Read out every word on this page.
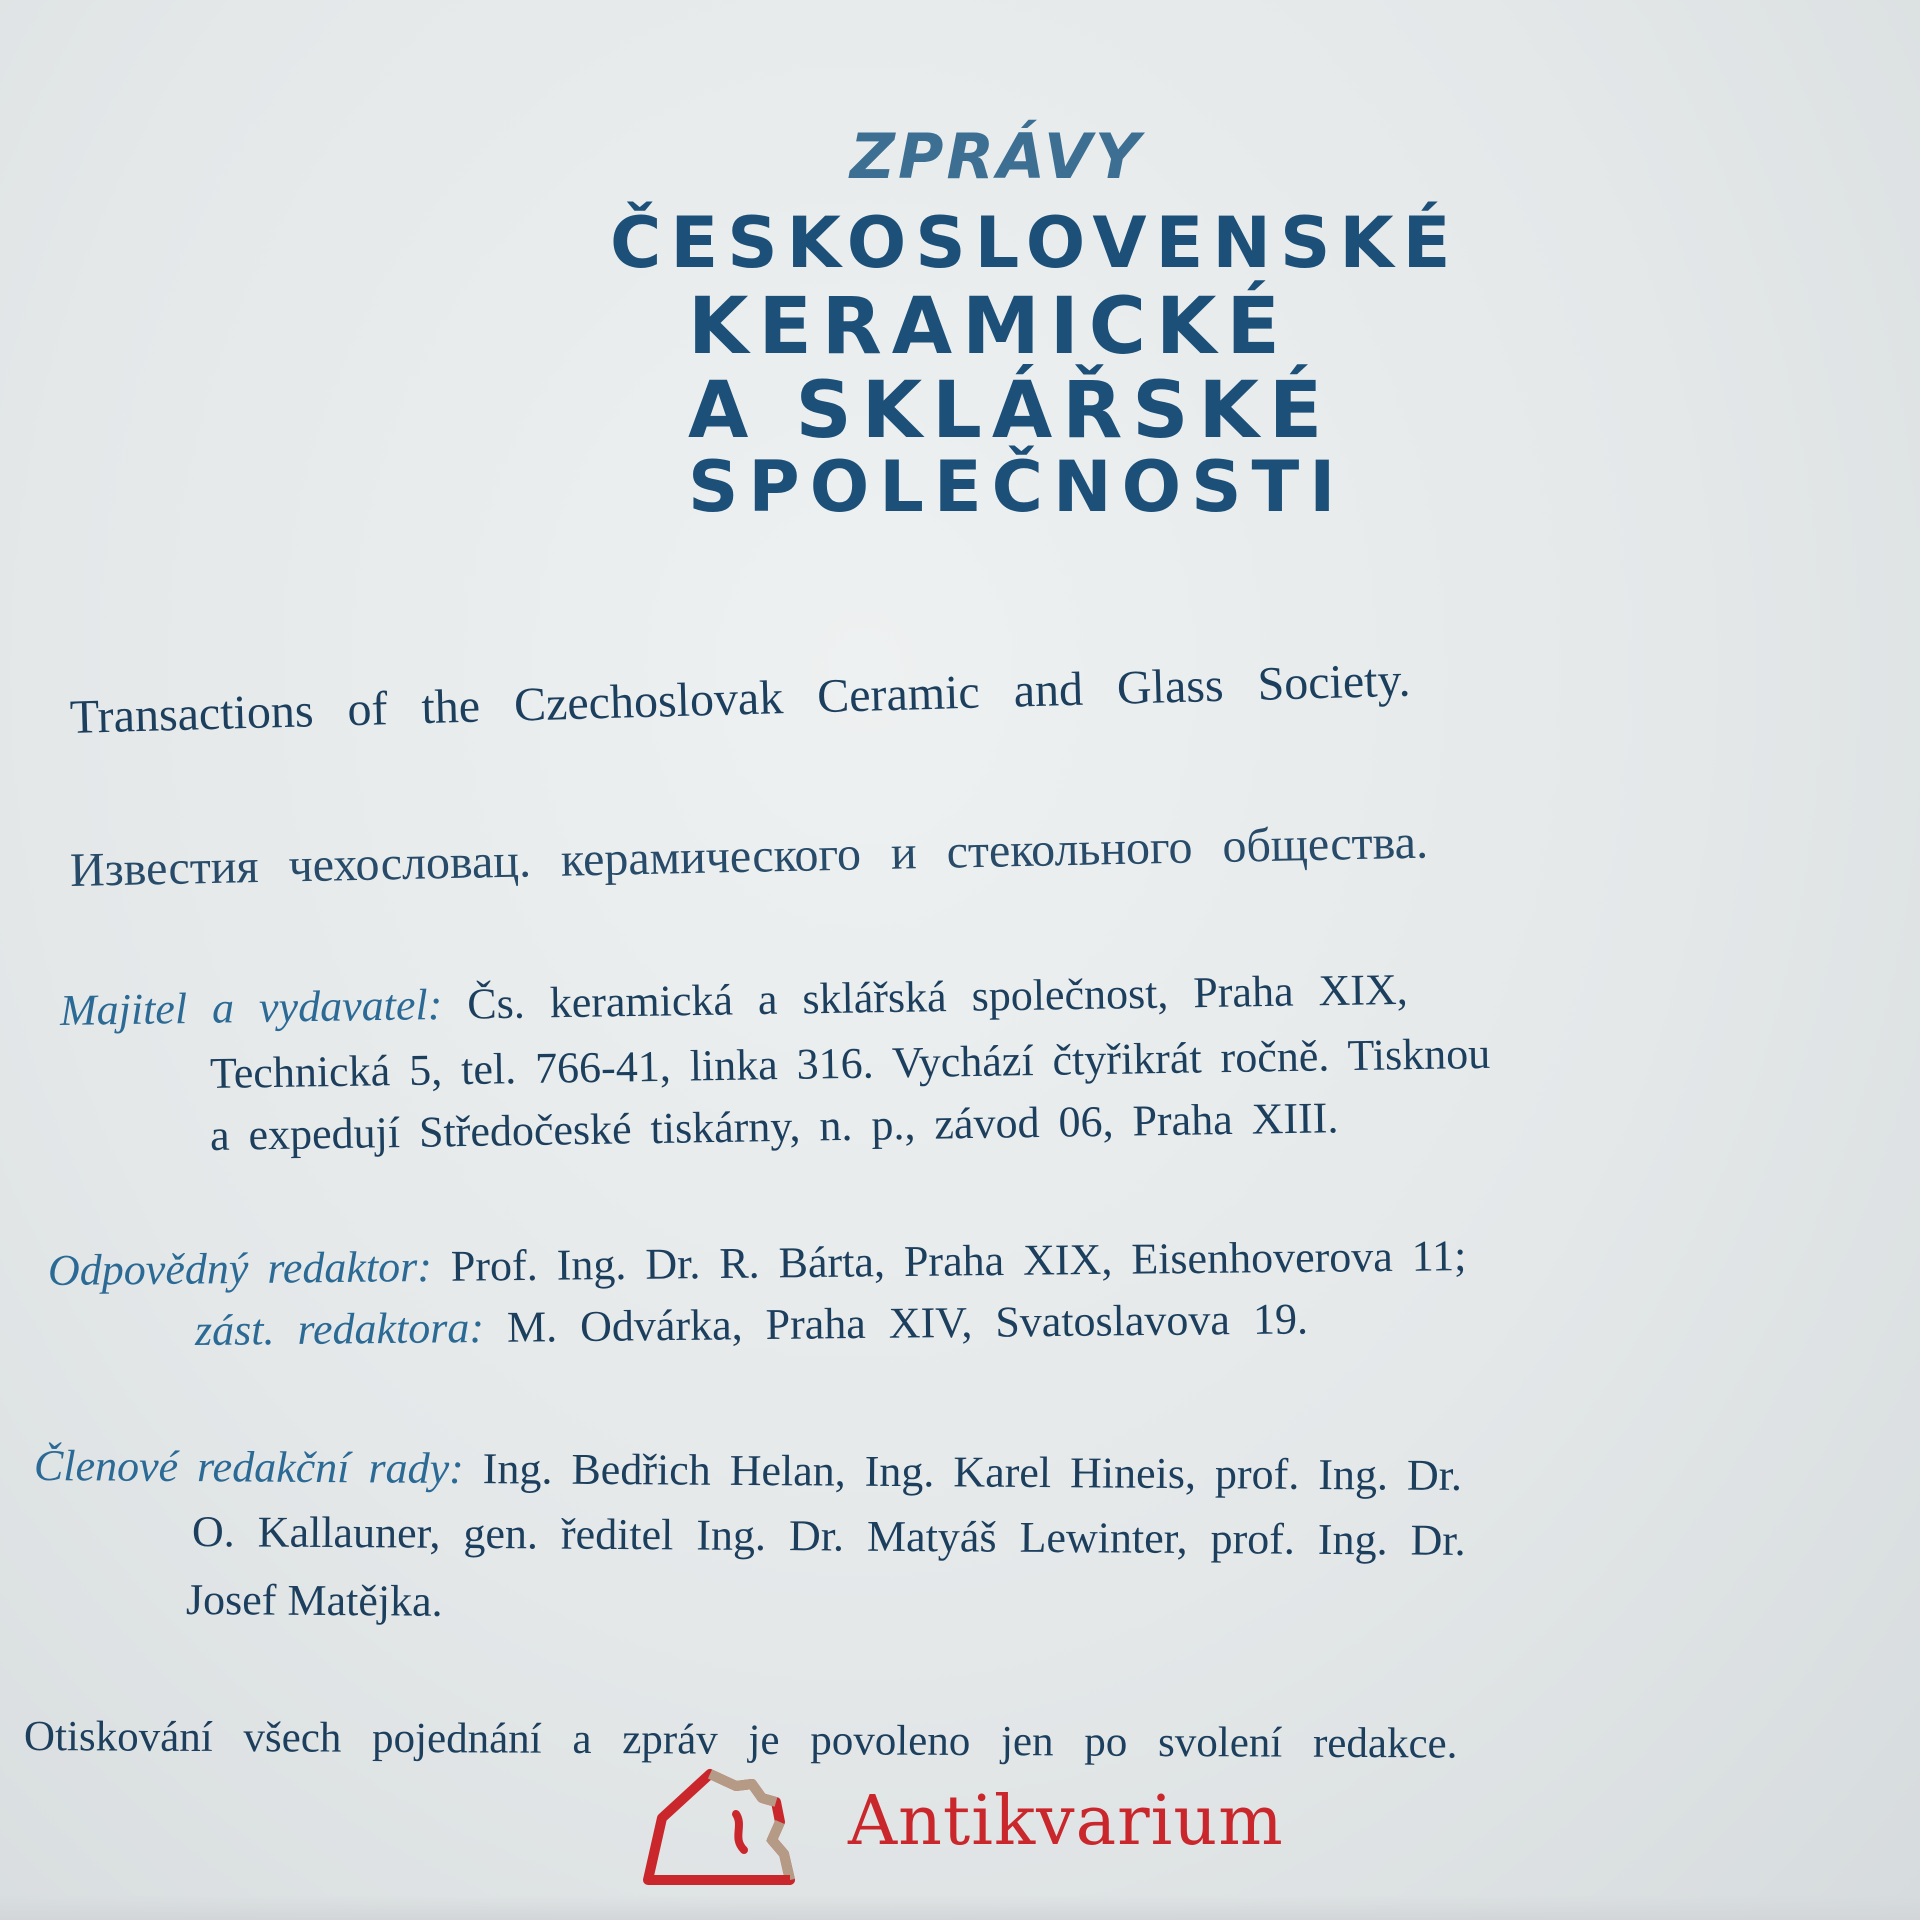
ZPRÁVY
ČESKOSLOVENSKÉ
KERAMICKÉ
A SKLÁŘSKÉ
SPOLEČNOSTI
Transactions of the Czechoslovak Ceramic and Glass Society.
Известия чехословац. керамического и стекольного общества.
Majitel a vydavatel: Čs. keramická a sklářská společnost, Praha XIX,
Technická 5, tel. 766-41, linka 316. Vychází čtyřikrát ročně. Tisknou
a expedují Středočeské tiskárny, n. p., závod 06, Praha XIII.
Odpovědný redaktor: Prof. Ing. Dr. R. Bárta, Praha XIX, Eisenhoverova 11;
zást. redaktora: M. Odvárka, Praha XIV, Svatoslavova 19.
Členové redakční rady: Ing. Bedřich Helan, Ing. Karel Hineis, prof. Ing. Dr.
O. Kallauner, gen. ředitel Ing. Dr. Matyáš Lewinter, prof. Ing. Dr.
Josef Matějka.
Otiskování všech pojednání a zpráv je povoleno jen po svolení redakce.
Antikvarium
